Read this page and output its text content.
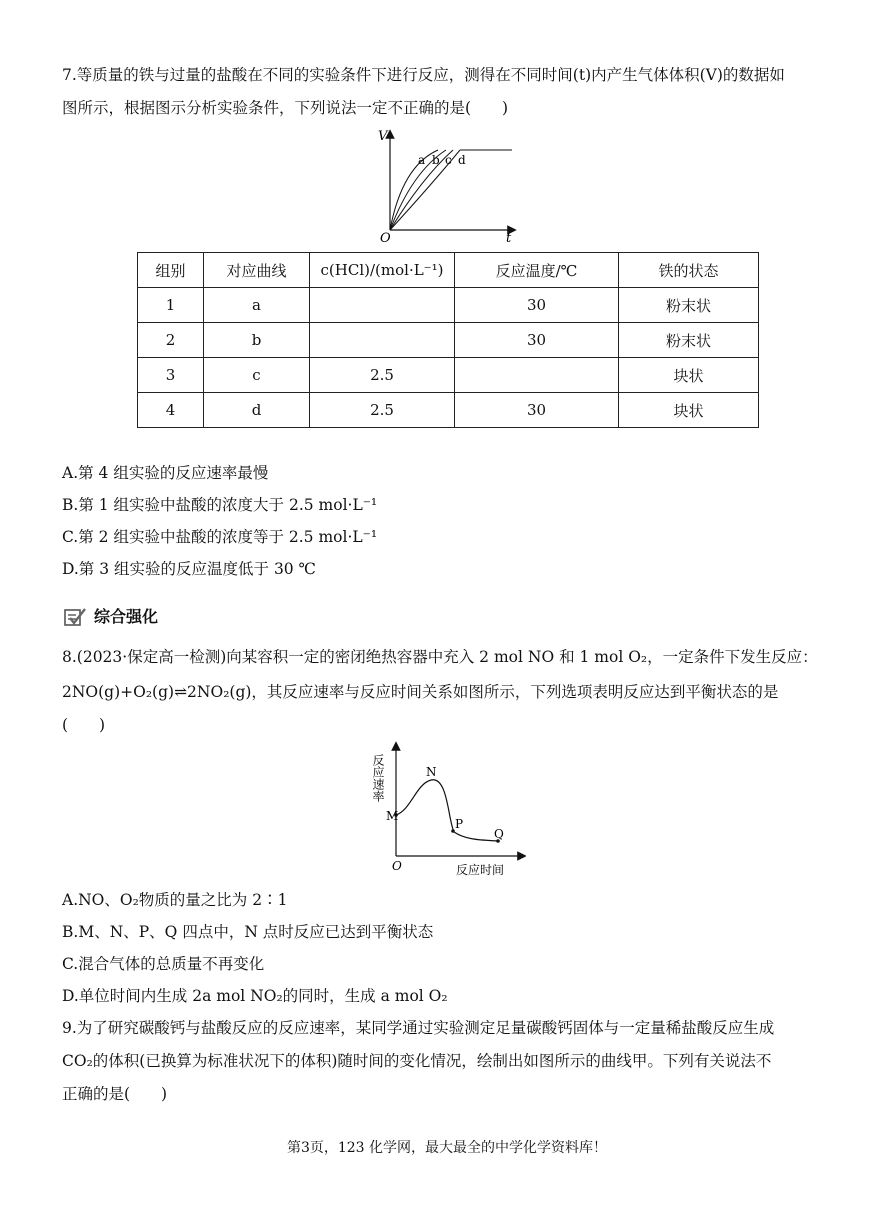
7.等质量的铁与过量的盐酸在不同的实验条件下进行反应，测得在不同时间(t)内产生气体体积(V)的数据如
图所示，根据图示分析实验条件，下列说法一定不正确的是(　　)
V
t
O
a b c d
组别	对应曲线	c(HCl)/(mol·L⁻¹)	反应温度/℃	铁的状态
1	a		30	粉末状
2	b		30	粉末状
3	c	2.5		块状
4	d	2.5	30	块状
A.第 4 组实验的反应速率最慢
B.第 1 组实验中盐酸的浓度大于 2.5 mol·L⁻¹
C.第 2 组实验中盐酸的浓度等于 2.5 mol·L⁻¹
D.第 3 组实验的反应温度低于 30 ℃
综合强化
8.(2023·保定高一检测)向某容积一定的密闭绝热容器中充入 2 mol NO 和 1 mol O₂，一定条件下发生反应：
2NO(g)+O₂(g)⇌2NO₂(g)，其反应速率与反应时间关系如图所示，下列选项表明反应达到平衡状态的是
(　　)
反应速率
反应时间
O
M
N
P
Q
A.NO、O₂物质的量之比为 2∶1
B.M、N、P、Q 四点中，N 点时反应已达到平衡状态
C.混合气体的总质量不再变化
D.单位时间内生成 2a mol NO₂的同时，生成 a mol O₂
9.为了研究碳酸钙与盐酸反应的反应速率，某同学通过实验测定足量碳酸钙固体与一定量稀盐酸反应生成
CO₂的体积(已换算为标准状况下的体积)随时间的变化情况，绘制出如图所示的曲线甲。下列有关说法不
正确的是(　　)
第3页，123 化学网，最大最全的中学化学资料库！
